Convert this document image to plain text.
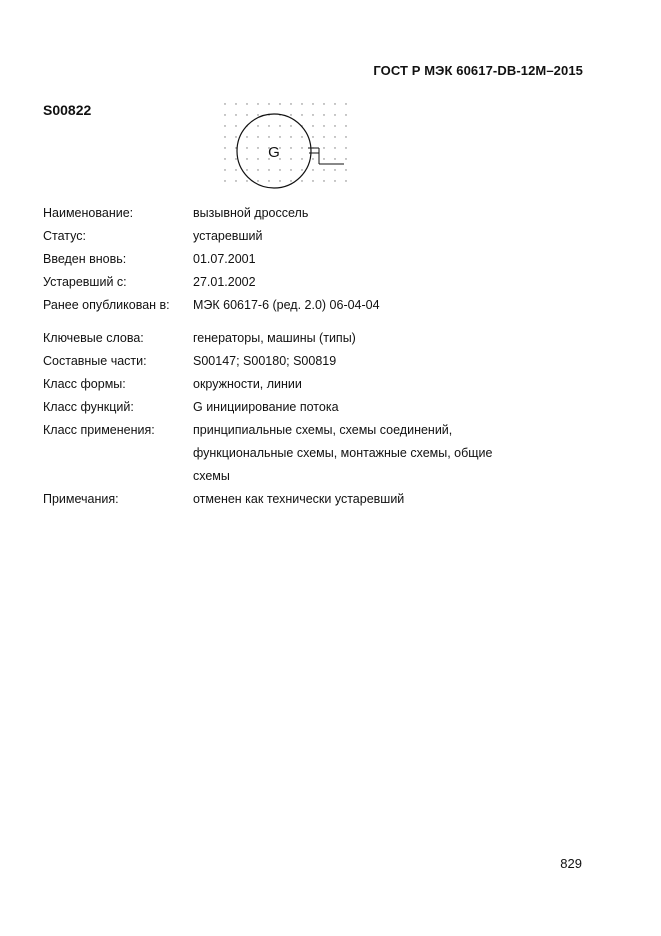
ГОСТ Р МЭК 60617-DB-12M–2015
S00822
G
Наименование:	вызывной дроссель
Статус:	устаревший
Введен вновь:	01.07.2001
Устаревший с:	27.01.2002
Ранее опубликован в:	МЭК 60617-6 (ред. 2.0) 06-04-04
Ключевые слова:	генераторы, машины (типы)
Составные части:	S00147; S00180; S00819
Класс формы:	окружности, линии
Класс функций:	G инициирование потока
Класс применения:	принципиальные схемы, схемы соединений,
функциональные схемы, монтажные схемы, общие
схемы
Примечания:	отменен как технически устаревший
829
